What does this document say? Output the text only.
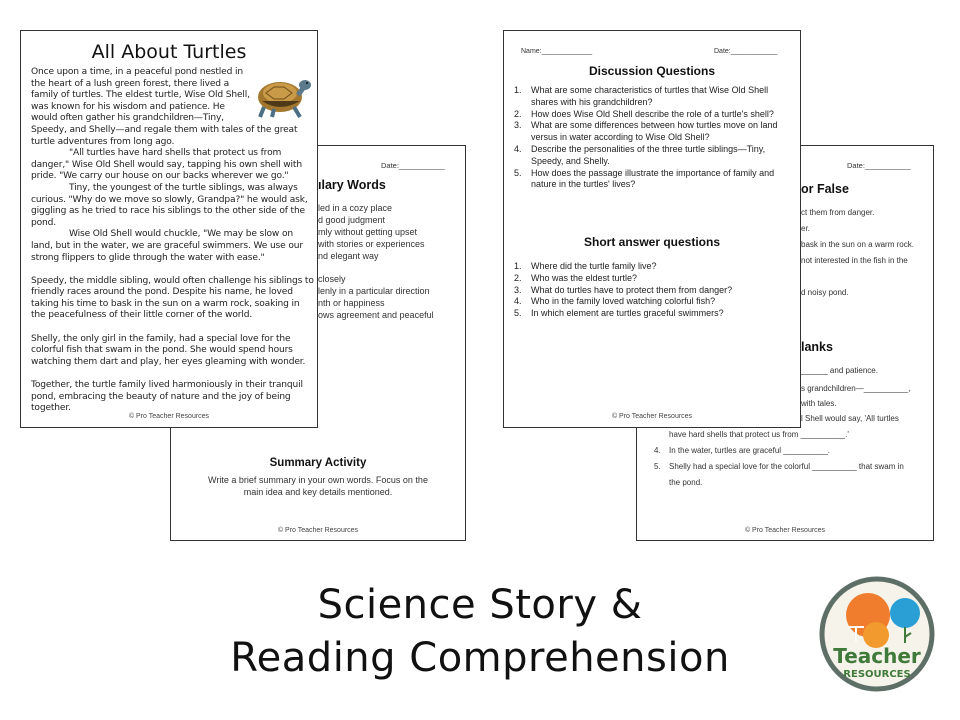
Date:___________
ılary Words
led in a cozy place
d good judgment
mly without getting upset
with stories or experiences
nd elegant way
closely
lenly in a particular direction
nth or happiness
ows agreement and peaceful
Summary Activity
Write a brief summary in your own words. Focus on the main idea and key details mentioned.
© Pro Teacher Resources
Date:___________
or False
ct them from danger.
er.
bask in the sun on a warm rock.
not interested in the fish in the
d noisy pond.
lanks
______ and patience.
s grandchildren—__________,
with tales.
l Shell would say, 'All turtles
have hard shells that protect us from __________.'
4. In the water, turtles are graceful __________.
5. Shelly had a special love for the colorful __________ that swam in
the pond.
© Pro Teacher Resources
All About Turtles

Once upon a time, in a peaceful pond nestled in the heart of a lush green forest, there lived a family of turtles. The eldest turtle, Wise Old Shell, was known for his wisdom and patience. He would often gather his grandchildren—Tiny, Speedy, and Shelly—and regale them with tales of the great turtle adventures from long ago.

"All turtles have hard shells that protect us from danger," Wise Old Shell would say, tapping his own shell with pride. "We carry our house on our backs wherever we go."

Tiny, the youngest of the turtle siblings, was always curious. "Why do we move so slowly, Grandpa?" he would ask, giggling as he tried to race his siblings to the other side of the pond.

Wise Old Shell would chuckle, "We may be slow on land, but in the water, we are graceful swimmers. We use our strong flippers to glide through the water with ease."

Speedy, the middle sibling, would often challenge his siblings to friendly races around the pond. Despite his name, he loved taking his time to bask in the sun on a warm rock, soaking in the peacefulness of their little corner of the world.

Shelly, the only girl in the family, had a special love for the colorful fish that swam in the pond. She would spend hours watching them dart and play, her eyes gleaming with wonder.

Together, the turtle family lived harmoniously in their tranquil pond, embracing the beauty of nature and the joy of being together.

© Pro Teacher Resources
Name:_____________	Date:____________
Discussion Questions
1.	What are some characteristics of turtles that Wise Old Shell shares with his grandchildren?
2.	How does Wise Old Shell describe the role of a turtle's shell?
3.	What are some differences between how turtles move on land versus in water according to Wise Old Shell?
4.	Describe the personalities of the three turtle siblings—Tiny, Speedy, and Shelly.
5.	How does the passage illustrate the importance of family and nature in the turtles' lives?
Short answer questions
1.	Where did the turtle family live?
2.	Who was the eldest turtle?
3.	What do turtles have to protect them from danger?
4.	Who in the family loved watching colorful fish?
5.	In which element are turtles graceful swimmers?
© Pro Teacher Resources
Science Story &
Reading Comprehension	Teacher
RESOURCES
